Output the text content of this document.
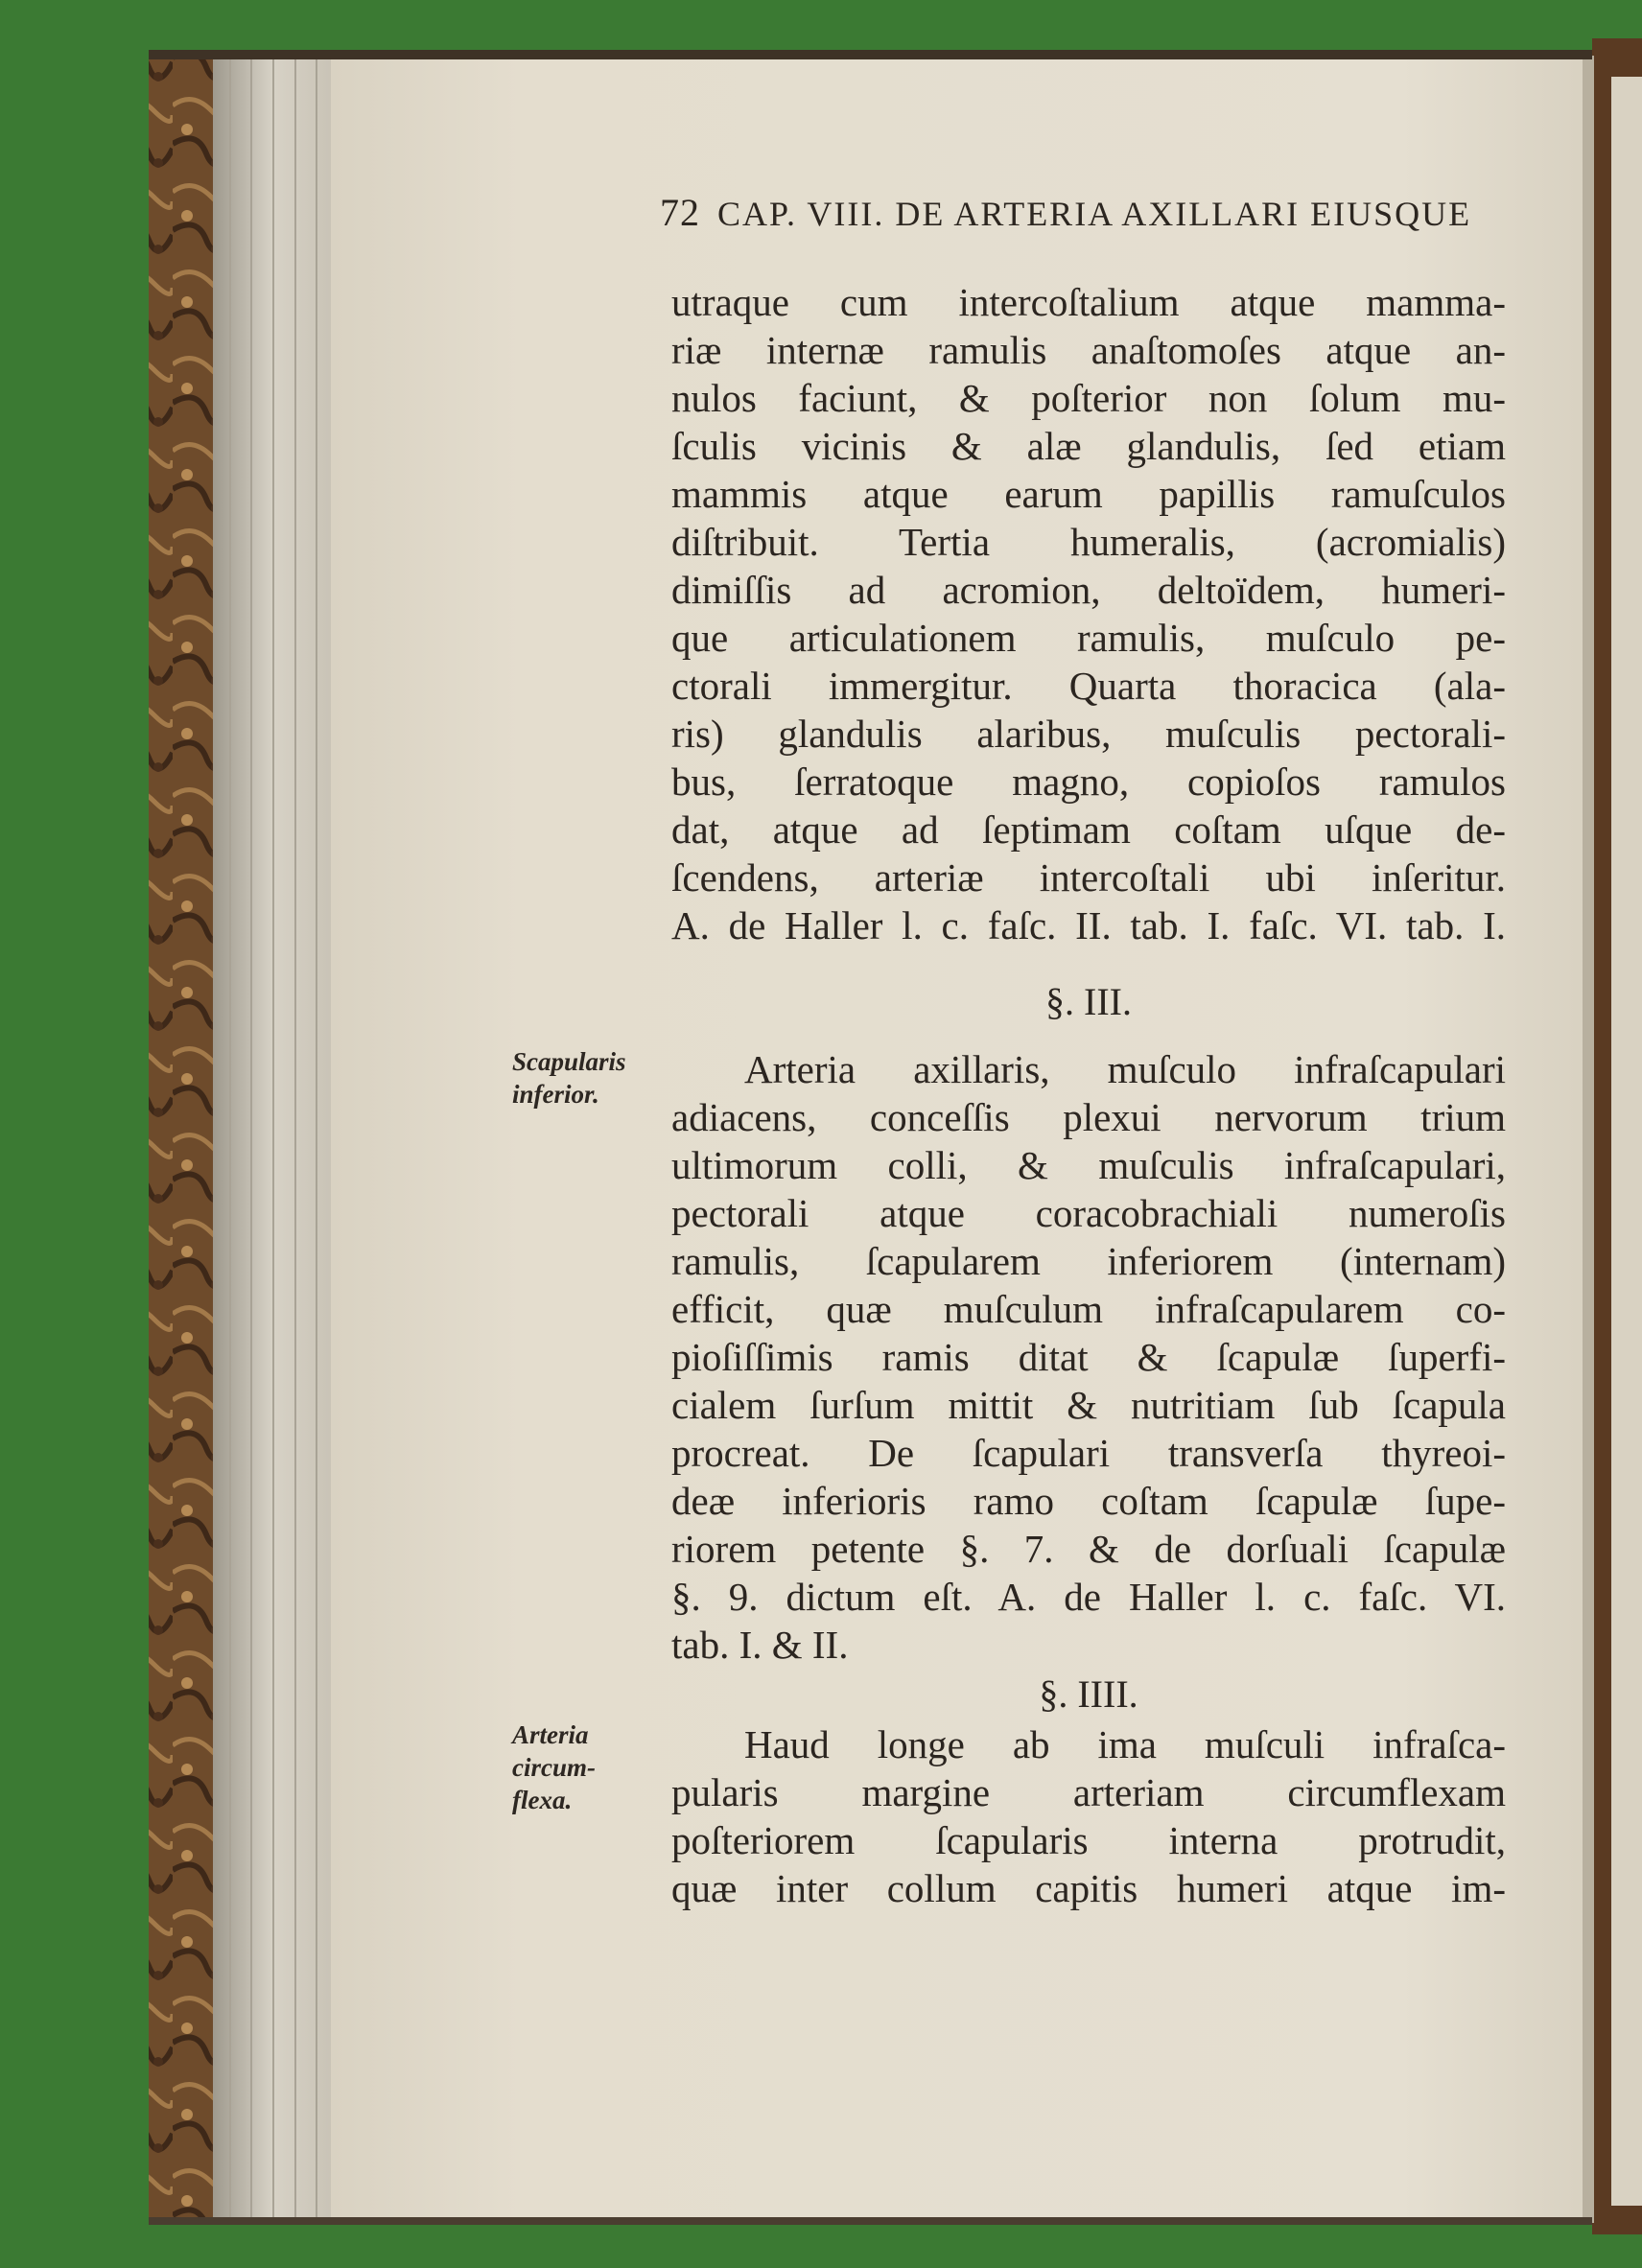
72 CAP. VIII. DE ARTERIA AXILLARI EIUSQUE
utraque cum intercoſtalium atque mamma-
riæ internæ ramulis anaſtomoſes atque an-
nulos faciunt, & poſterior non ſolum mu-
ſculis vicinis & alæ glandulis, ſed etiam
mammis atque earum papillis ramuſculos
diſtribuit. Tertia humeralis, (acromialis)
dimiſſis ad acromion, deltoïdem, humeri-
que articulationem ramulis, muſculo pe-
ctorali immergitur. Quarta thoracica (ala-
ris) glandulis alaribus, muſculis pectorali-
bus, ſerratoque magno, copioſos ramulos
dat, atque ad ſeptimam coſtam uſque de-
ſcendens, arteriæ intercoſtali ubi inſeritur.
A. de Haller l. c. faſc. II. tab. I. faſc. VI. tab. I.
§. III.
Scapularis
inferior.
Arteria axillaris, muſculo infraſcapulari
adiacens, conceſſis plexui nervorum trium
ultimorum colli, & muſculis infraſcapulari,
pectorali atque coracobrachiali numeroſis
ramulis, ſcapularem inferiorem (internam)
efficit, quæ muſculum infraſcapularem co-
pioſiſſimis ramis ditat & ſcapulæ ſuperfi-
cialem ſurſum mittit & nutritiam ſub ſcapula
procreat. De ſcapulari transverſa thyreoi-
deæ inferioris ramo coſtam ſcapulæ ſupe-
riorem petente §. 7. & de dorſuali ſcapulæ
§. 9. dictum eſt. A. de Haller l. c. faſc. VI.
tab. I. & II.
§. IIII.
Arteria
circum-
flexa.
Haud longe ab ima muſculi infraſca-
pularis margine arteriam circumflexam
poſteriorem ſcapularis interna protrudit,
quæ inter collum capitis humeri atque im-
